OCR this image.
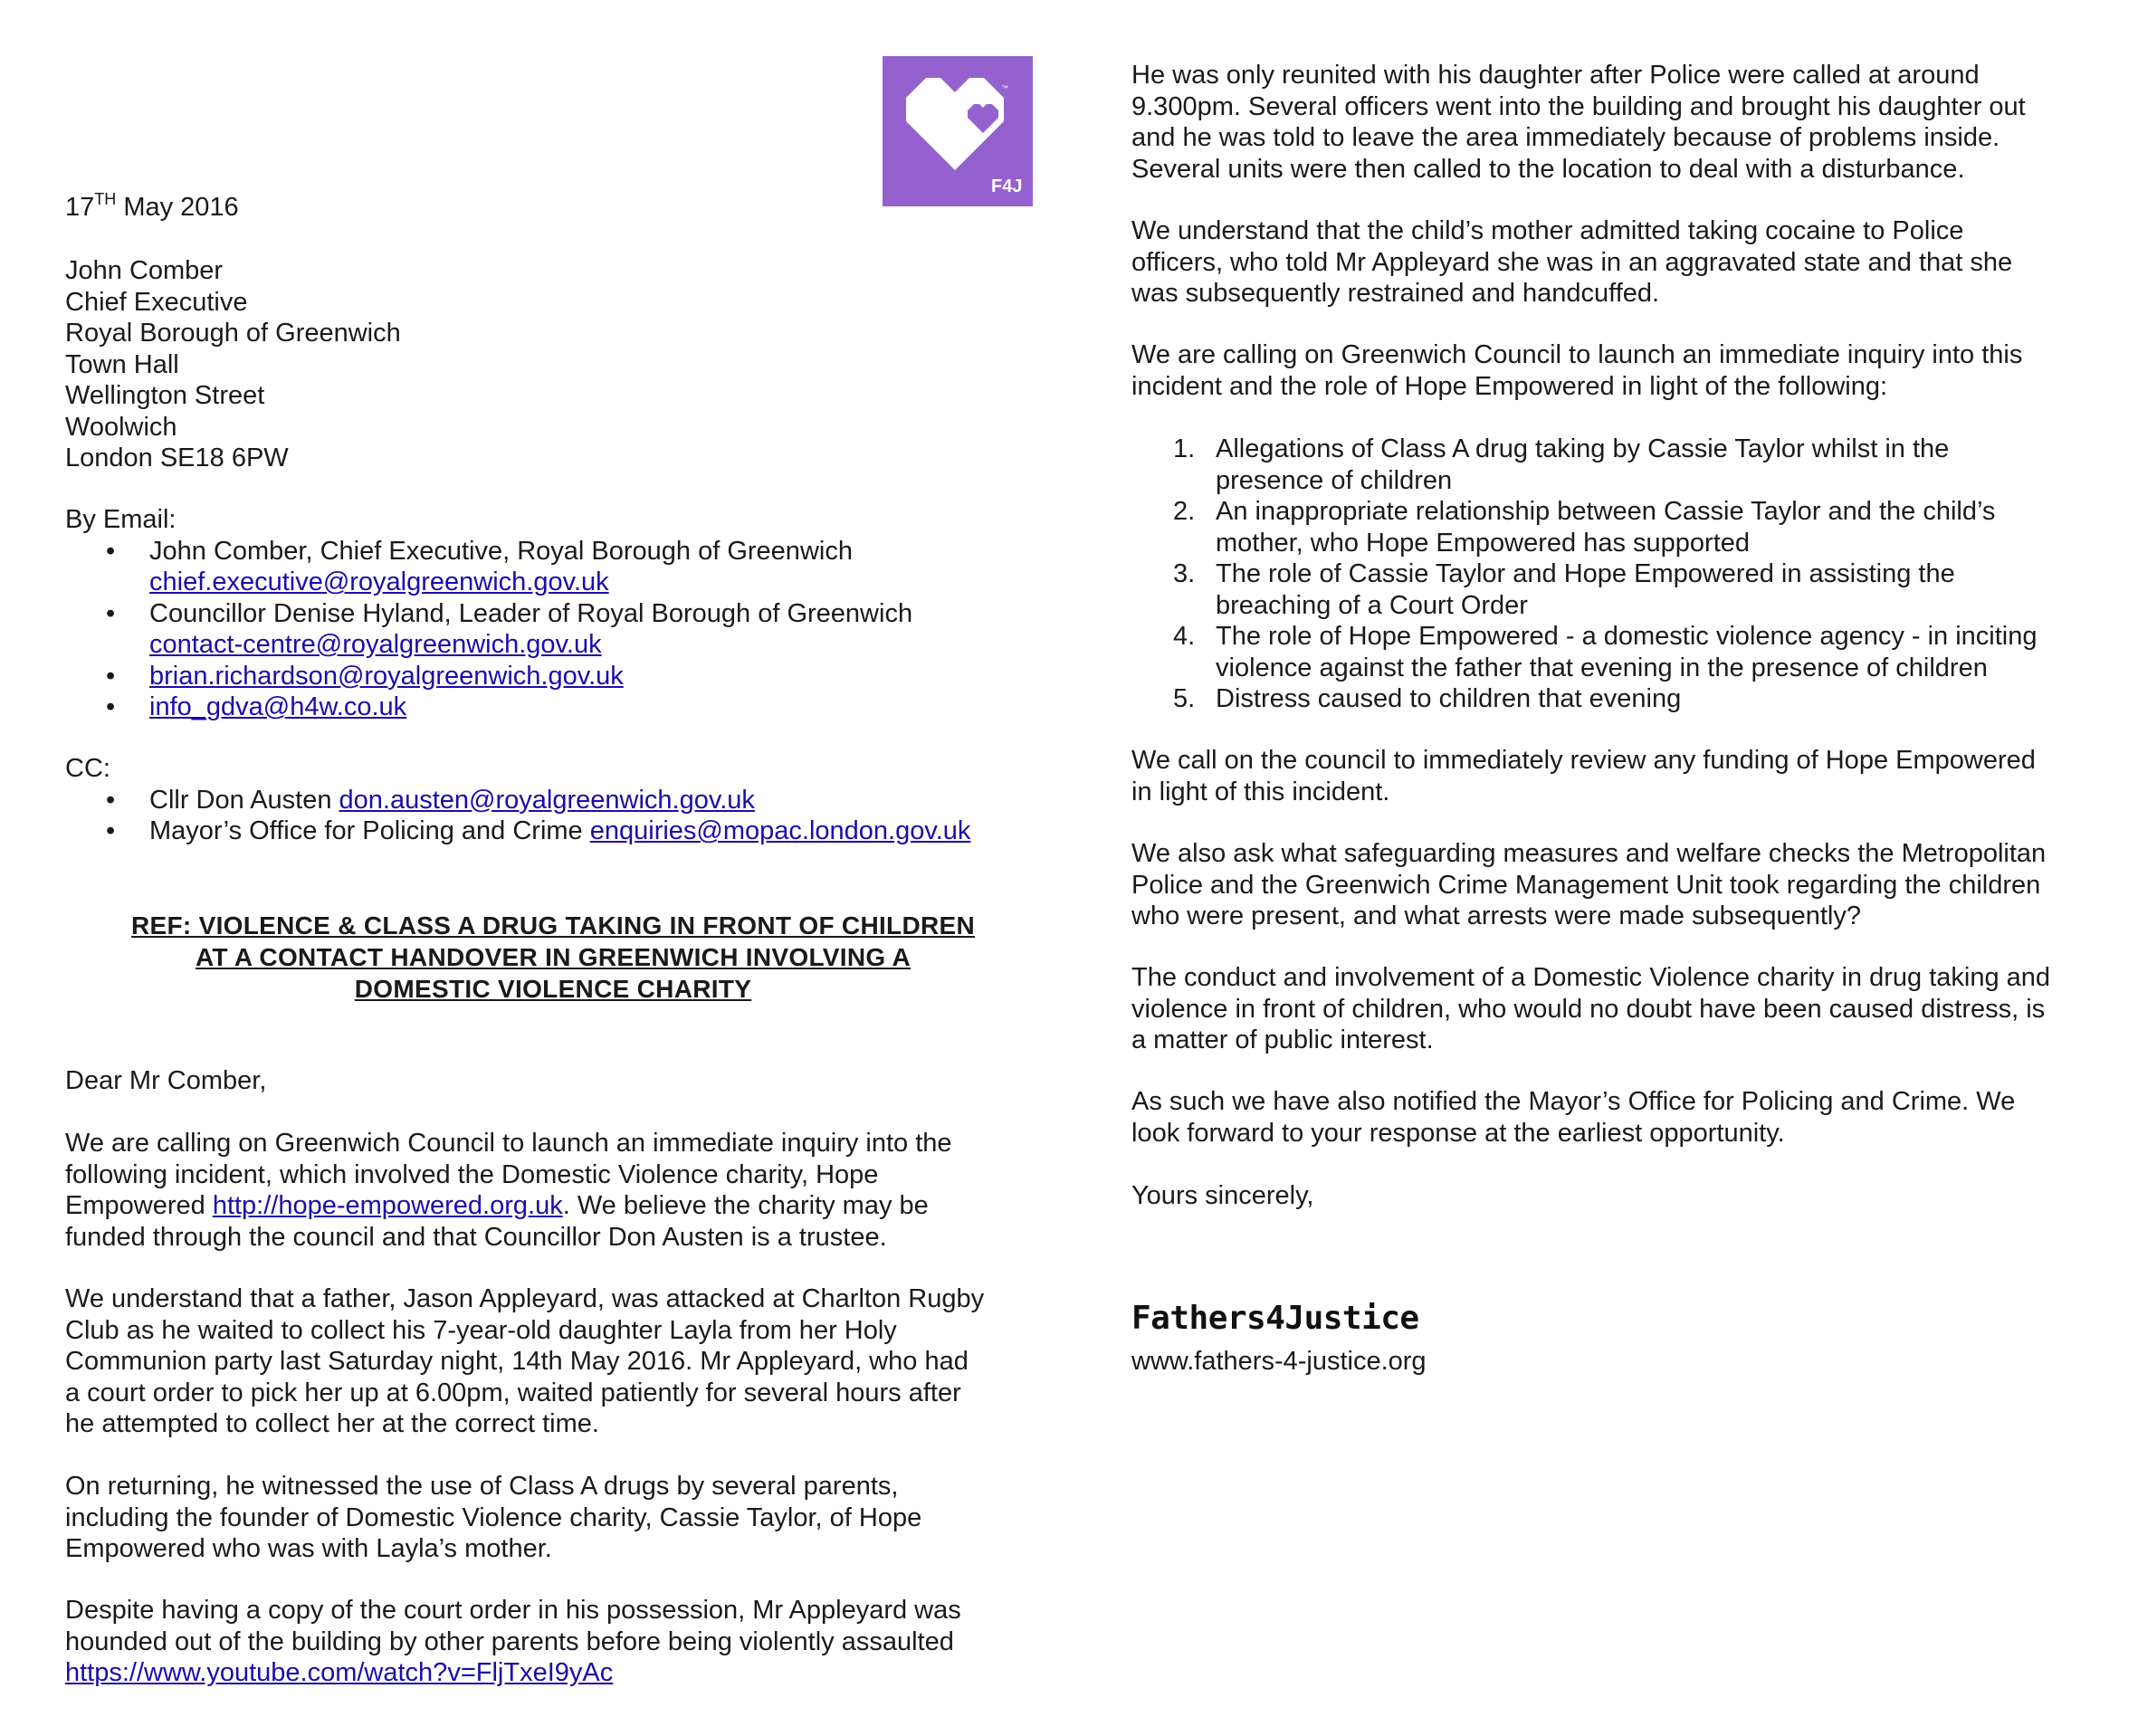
17TH May 2016

John Comber

Chief Executive

Royal Borough of Greenwich

Town Hall

Wellington Street

Woolwich

London SE18 6PW

By Email:

• John Comber, Chief Executive, Royal Borough of Greenwich
chief.executive@royalgreenwich.gov.uk
• Councillor Denise Hyland, Leader of Royal Borough of Greenwich
contact-centre@royalgreenwich.gov.uk
• brian.richardson@royalgreenwich.gov.uk
• info_gdva@h4w.co.uk

CC:

• Cllr Don Austen don.austen@royalgreenwich.gov.uk
• Mayor’s Office for Policing and Crime enquiries@mopac.london.gov.uk

REF: VIOLENCE & CLASS A DRUG TAKING IN FRONT OF CHILDREN

AT A CONTACT HANDOVER IN GREENWICH INVOLVING A

DOMESTIC VIOLENCE CHARITY

Dear Mr Comber,

We are calling on Greenwich Council to launch an immediate inquiry into the

following incident, which involved the Domestic Violence charity, Hope

Empowered http://hope-empowered.org.uk. We believe the charity may be

funded through the council and that Councillor Don Austen is a trustee.

We understand that a father, Jason Appleyard, was attacked at Charlton Rugby

Club as he waited to collect his 7-year-old daughter Layla from her Holy

Communion party last Saturday night, 14th May 2016. Mr Appleyard, who had

a court order to pick her up at 6.00pm, waited patiently for several hours after

he attempted to collect her at the correct time.

On returning, he witnessed the use of Class A drugs by several parents,

including the founder of Domestic Violence charity, Cassie Taylor, of Hope

Empowered who was with Layla’s mother.

Despite having a copy of the court order in his possession, Mr Appleyard was

hounded out of the building by other parents before being violently assaulted

https://www.youtube.com/watch?v=FljTxeI9yAc

™
F4J

He was only reunited with his daughter after Police were called at around

9.300pm. Several officers went into the building and brought his daughter out

and he was told to leave the area immediately because of problems inside.

Several units were then called to the location to deal with a disturbance.

We understand that the child’s mother admitted taking cocaine to Police

officers, who told Mr Appleyard she was in an aggravated state and that she

was subsequently restrained and handcuffed.

We are calling on Greenwich Council to launch an immediate inquiry into this

incident and the role of Hope Empowered in light of the following:

1. Allegations of Class A drug taking by Cassie Taylor whilst in the
presence of children
2. An inappropriate relationship between Cassie Taylor and the child’s
mother, who Hope Empowered has supported
3. The role of Cassie Taylor and Hope Empowered in assisting the
breaching of a Court Order
4. The role of Hope Empowered - a domestic violence agency - in inciting
violence against the father that evening in the presence of children
5. Distress caused to children that evening

We call on the council to immediately review any funding of Hope Empowered

in light of this incident.

We also ask what safeguarding measures and welfare checks the Metropolitan

Police and the Greenwich Crime Management Unit took regarding the children

who were present, and what arrests were made subsequently?

The conduct and involvement of a Domestic Violence charity in drug taking and

violence in front of children, who would no doubt have been caused distress, is

a matter of public interest.

As such we have also notified the Mayor’s Office for Policing and Crime. We

look forward to your response at the earliest opportunity.

Yours sincerely,
Fathers4Justice
www.fathers-4-justice.org
